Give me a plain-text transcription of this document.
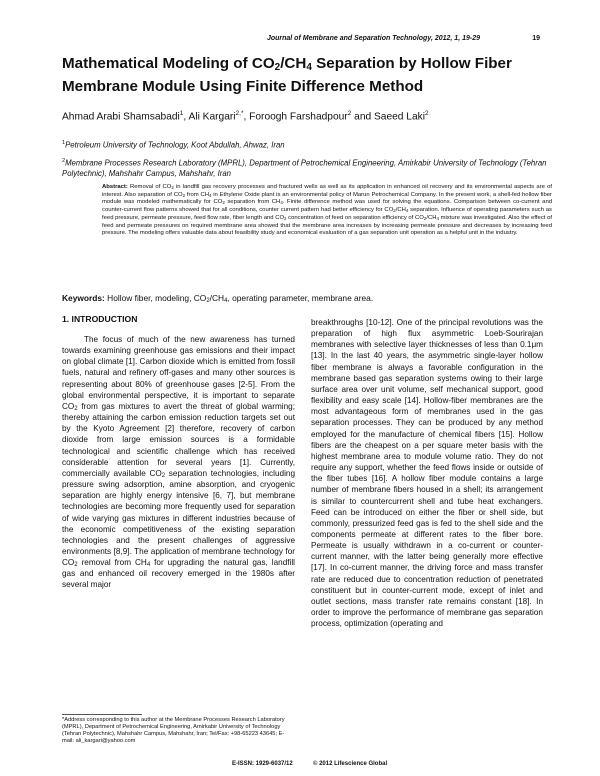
Journal of Membrane and Separation Technology, 2012, 1, 19-29	19
Mathematical Modeling of $CO_2/CH_4$ Separation by Hollow Fiber
Membrane Module Using Finite Difference Method
Ahmad Arabi Shamsabadi$^1$, Ali Kargari$^{2,*}$, Foroogh Farshadpour$^2$ and Saeed Laki$^2$
$^1$Petroleum University of Technology, Koot Abdullah, Ahwaz, Iran
$^2$Membrane Processes Research Laboratory (MPRL), Department of Petrochemical Engineering, Amirkabir University of Technology (Tehran Polytechnic), Mahshahr Campus, Mahshahr, Iran
Abstract: Removal of $CO_2$ in landfill gas recovery processes and fractured wells as well as its application in enhanced oil recovery and its environmental aspects are of interest. Also separation of $CO_2$ from $CH_4$ in Ethylene Oxide plant is an environmental policy of Marun Petrochemical Company. In the present work, a shell-fed hollow fiber module was modeled mathematically for $CO_2$ separation from $CH_4$. Finite difference method was used for solving the equations. Comparison between co-current and counter-current flow patterns showed that for all conditions, counter current pattern had better efficiency for $CO_2/CH_4$ separation. Influence of operating parameters such as feed pressure, permeate pressure, feed flow rate, fiber length and $CO_2$ concentration of feed on separation efficiency of $CO_2/CH_4$ mixture was investigated. Also the effect of feed and permeate pressures on required membrane area showed that the membrane area increases by increasing permeate pressure and decreases by increasing feed pressure. The modeling offers valuable data about feasibility study and economical evaluation of a gas separation unit operation as a helpful unit in the industry.
Keywords: Hollow fiber, modeling, $CO_2/CH_4$, operating parameter, membrane area.
1. INTRODUCTION

The focus of much of the new awareness has turned towards examining greenhouse gas emissions and their impact on global climate [1]. Carbon dioxide which is emitted from fossil fuels, natural and refinery off-gases and many other sources is representing about 80% of greenhouse gases [2-5]. From the global environmental perspective, it is important to separate $CO_2$ from gas mixtures to avert the threat of global warming; thereby attaining the carbon emission reduction targets set out by the Kyoto Agreement [2] therefore, recovery of carbon dioxide from large emission sources is a formidable technological and scientific challenge which has received considerable attention for several years [1]. Currently, commercially available $CO_2$ separation technologies, including pressure swing adsorption, amine absorption, and cryogenic separation are highly energy intensive [6, 7], but membrane technologies are becoming more frequently used for separation of wide varying gas mixtures in different industries because of the economic competitiveness of the existing separation technologies and the present challenges of aggressive environments [8,9]. The application of membrane technology for $CO_2$ removal from $CH_4$ for upgrading the natural gas, landfill gas and enhanced oil recovery emerged in the 1980s after several major

breakthroughs [10-12]. One of the principal revolutions was the preparation of high flux asymmetric Loeb-Sourirajan membranes with selective layer thicknesses of less than 0.1μm [13]. In the last 40 years, the asymmetric single-layer hollow fiber membrane is always a favorable configuration in the membrane based gas separation systems owing to their large surface area over unit volume, self mechanical support, good flexibility and easy scale [14]. Hollow-fiber membranes are the most advantageous form of membranes used in the gas separation processes. They can be produced by any method employed for the manufacture of chemical fibers [15]. Hollow fibers are the cheapest on a per square meter basis with the highest membrane area to module volume ratio. They do not require any support, whether the feed flows inside or outside of the fiber tubes [16]. A hollow fiber module contains a large number of membrane fibers housed in a shell; its arrangement is similar to countercurrent shell and tube heat exchangers. Feed can be introduced on either the fiber or shell side, but commonly, pressurized feed gas is fed to the shell side and the components permeate at different rates to the fiber bore. Permeate is usually withdrawn in a co-current or counter-current manner, with the latter being generally more effective [17]. In co-current manner, the driving force and mass transfer rate are reduced due to concentration reduction of penetrated constituent but in counter-current mode, except of inlet and outlet sections, mass transfer rate remains constant [18]. In order to improve the performance of membrane gas separation process, optimization (operating and

*Address corresponding to this author at the Membrane Processes Research Laboratory (MPRL), Department of Petrochemical Engineering, Amirkabir University of Technology (Tehran Polytechnic), Mahshahr Campus, Mahshahr, Iran; Tel/Fax: +98-65223 43645; E-mail: ali_kargari@yahoo.com
E-ISSN: 1929-6037/12	© 2012 Lifescience Global
